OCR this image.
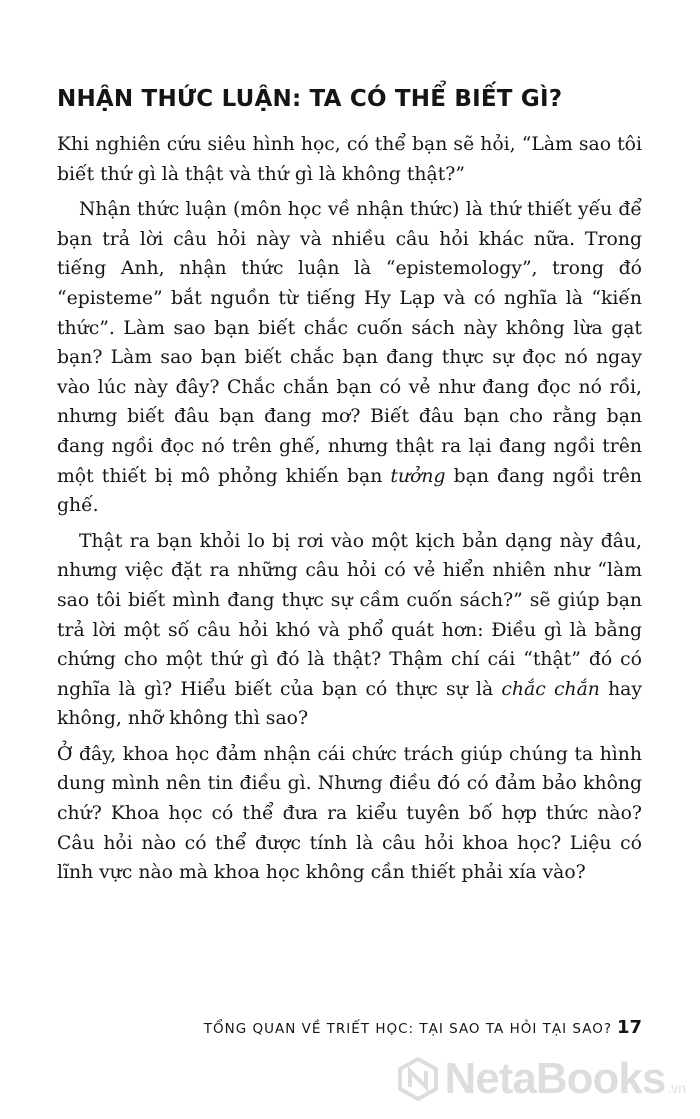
NHẬN THỨC LUẬN: TA CÓ THỂ BIẾT GÌ?

Khi nghiên cứu siêu hình học, có thể bạn sẽ hỏi, “Làm sao tôi biết thứ gì là thật và thứ gì là không thật?”

Nhận thức luận (môn học về nhận thức) là thứ thiết yếu để bạn trả lời câu hỏi này và nhiều câu hỏi khác nữa. Trong tiếng Anh, nhận thức luận là “epistemology”, trong đó “episteme” bắt nguồn từ tiếng Hy Lạp và có nghĩa là “kiến thức”. Làm sao bạn biết chắc cuốn sách này không lừa gạt bạn? Làm sao bạn biết chắc bạn đang thực sự đọc nó ngay vào lúc này đây? Chắc chắn bạn có vẻ như đang đọc nó rồi, nhưng biết đâu bạn đang mơ? Biết đâu bạn cho rằng bạn đang ngồi đọc nó trên ghế, nhưng thật ra lại đang ngồi trên một thiết bị mô phỏng khiến bạn tưởng bạn đang ngồi trên ghế.

Thật ra bạn khỏi lo bị rơi vào một kịch bản dạng này đâu, nhưng việc đặt ra những câu hỏi có vẻ hiển nhiên như “làm sao tôi biết mình đang thực sự cầm cuốn sách?” sẽ giúp bạn trả lời một số câu hỏi khó và phổ quát hơn: Điều gì là bằng chứng cho một thứ gì đó là thật? Thậm chí cái “thật” đó có nghĩa là gì? Hiểu biết của bạn có thực sự là chắc chắn hay không, nhỡ không thì sao?

Ở đây, khoa học đảm nhận cái chức trách giúp chúng ta hình dung mình nên tin điều gì. Nhưng điều đó có đảm bảo không chứ? Khoa học có thể đưa ra kiểu tuyên bố hợp thức nào? Câu hỏi nào có thể được tính là câu hỏi khoa học? Liệu có lĩnh vực nào mà khoa học không cần thiết phải xía vào?

TỔNG QUAN VỀ TRIẾT HỌC: TẠI SAO TA HỎI TẠI SAO? 17
NetaBooks .vn
